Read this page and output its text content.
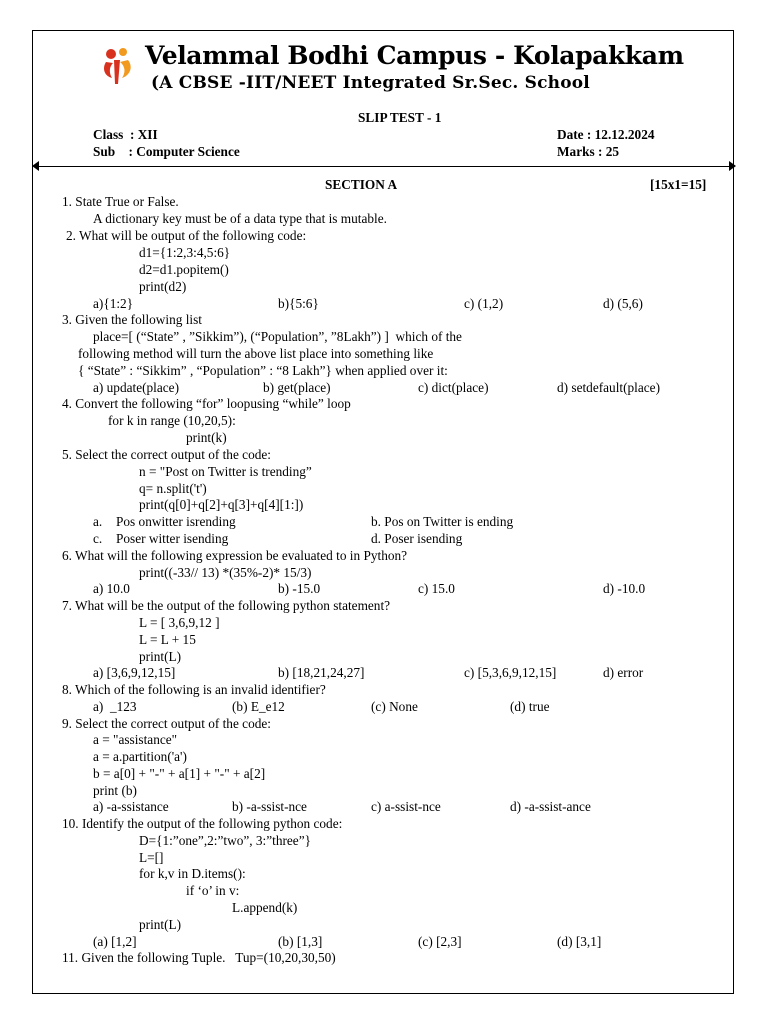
Velammal Bodhi Campus - Kolapakkam
(A CBSE -IIT/NEET Integrated Sr.Sec. School
SLIP TEST - 1
Class  : XII
Sub    : Computer Science
Date : 12.12.2024
Marks : 25
SECTION A	[15x1=15]
1. State True or False.
A dictionary key must be of a data type that is mutable.
2. What will be output of the following code:
d1={1:2,3:4,5:6}
d2=d1.popitem()
print(d2)
a){1:2}	b){5:6}	c) (1,2)	d) (5,6)
3. Given the following list
place=[ (“State” , ”Sikkim”), (“Population”, ”8Lakh”) ]  which of the
following method will turn the above list place into something like
{ “State” : “Sikkim” , “Population” : “8 Lakh”} when applied over it:
a) update(place)	b) get(place)	c) dict(place)	d) setdefault(place)
4. Convert the following “for” loopusing “while” loop
for k in range (10,20,5):
print(k)
5. Select the correct output of the code:
n = "Post on Twitter is trending”
q= n.split('t')
print(q[0]+q[2]+q[3]+q[4][1:])
a. Pos onwitter isrending	b. Pos on Twitter is ending
c. Poser witter isending	d. Poser isending
6. What will the following expression be evaluated to in Python?
print((-33// 13) *(35%-2)* 15/3)
a) 10.0	b) -15.0	c) 15.0	d) -10.0
7. What will be the output of the following python statement?
L = [ 3,6,9,12 ]
L = L + 15
print(L)
a) [3,6,9,12,15]	b) [18,21,24,27]	c) [5,3,6,9,12,15]	d) error
8. Which of the following is an invalid identifier?
a)  _123	(b) E_e12	(c) None	(d) true
9. Select the correct output of the code:
a = "assistance"
a = a.partition('a')
b = a[0] + "-" + a[1] + "-" + a[2]
print (b)
a) -a-ssistance	b) -a-ssist-nce	c) a-ssist-nce	d) -a-ssist-ance
10. Identify the output of the following python code:
D={1:”one”,2:”two”, 3:”three”}
L=[]
for k,v in D.items():
if ‘o’ in v:
L.append(k)
print(L)
(a) [1,2]	(b) [1,3]	(c) [2,3]	(d) [3,1]
11. Given the following Tuple.   Tup=(10,20,30,50)
